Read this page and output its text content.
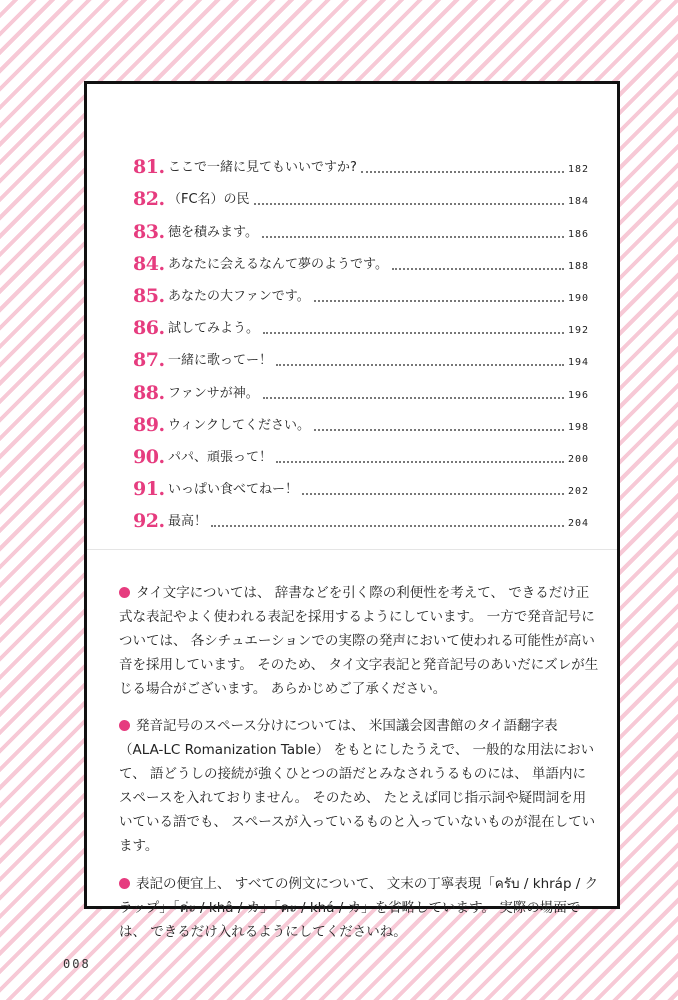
81. ここで一緒に見てもいいですか?	182
82. （FC名）の民	184
83. 徳を積みます。	186
84. あなたに会えるなんて夢のようです。	188
85. あなたの大ファンです。	190
86. 試してみよう。	192
87. 一緒に歌ってー！	194
88. ファンサが神。	196
89. ウィンクしてください。	198
90. パパ、頑張って！	200
91. いっぱい食べてねー！	202
92. 最高！	204

タイ文字については、 辞書などを引く際の利便性を考えて、 できるだけ正式な表記やよく使われる表記を採用するようにしています。 一方で発音記号については、 各シチュエーションでの実際の発声において使われる可能性が高い音を採用しています。 そのため、 タイ文字表記と発音記号のあいだにズレが生じる場合がございます。 あらかじめご了承ください。

発音記号のスペース分けについては、 米国議会図書館のタイ語翻字表（ALA-LC Romanization Table） をもとにしたうえで、 一般的な用法において、 語どうしの接続が強くひとつの語だとみなされうるものには、 単語内にスペースを入れておりません。 そのため、 たとえば同じ指示詞や疑問詞を用いている語でも、 スペースが入っているものと入っていないものが混在しています。

表記の便宜上、 すべての例文について、 文末の丁寧表現「ครับ / khráp / クラップ」「ค่ะ / khâ / カ」「คะ / khá / カ」を省略しています。 実際の場面では、 できるだけ入れるようにしてくださいね。

008
